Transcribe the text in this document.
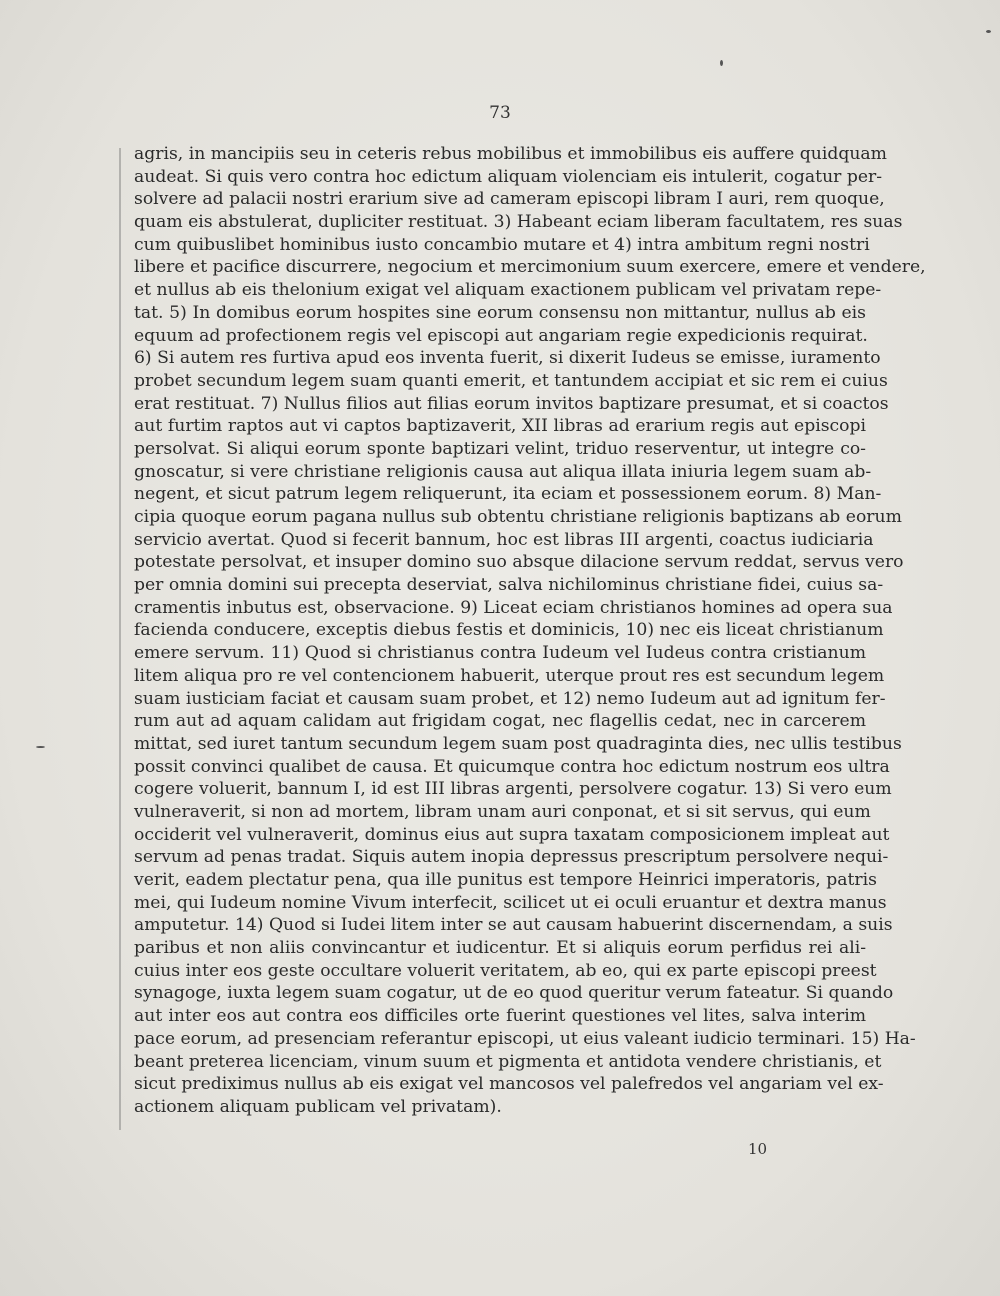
73
agris, in mancipiis seu in ceteris rebus mobilibus et immobilibus eis auffere quidquam
audeat. Si quis vero contra hoc edictum aliquam violenciam eis intulerit, cogatur per-
solvere ad palacii nostri erarium sive ad cameram episcopi libram I auri, rem quoque,
quam eis abstulerat, dupliciter restituat. 3) Habeant eciam liberam facultatem, res suas
cum quibuslibet hominibus iusto concambio mutare et 4) intra ambitum regni nostri
libere et pacifice discurrere, negocium et mercimonium suum exercere, emere et vendere,
et nullus ab eis thelonium exigat vel aliquam exactionem publicam vel privatam repe-
tat. 5) In domibus eorum hospites sine eorum consensu non mittantur, nullus ab eis
equum ad profectionem regis vel episcopi aut angariam regie expedicionis requirat.
6) Si autem res furtiva apud eos inventa fuerit, si dixerit Iudeus se emisse, iuramento
probet secundum legem suam quanti emerit, et tantundem accipiat et sic rem ei cuius
erat restituat. 7) Nullus filios aut filias eorum invitos baptizare presumat, et si coactos
aut furtim raptos aut vi captos baptizaverit, XII libras ad erarium regis aut episcopi
persolvat. Si aliqui eorum sponte baptizari velint, triduo reserventur, ut integre co-
gnoscatur, si vere christiane religionis causa aut aliqua illata iniuria legem suam ab-
negent, et sicut patrum legem reliquerunt, ita eciam et possessionem eorum. 8) Man-
cipia quoque eorum pagana nullus sub obtentu christiane religionis baptizans ab eorum
servicio avertat. Quod si fecerit bannum, hoc est libras III argenti, coactus iudiciaria
potestate persolvat, et insuper domino suo absque dilacione servum reddat, servus vero
per omnia domini sui precepta deserviat, salva nichilominus christiane fidei, cuius sa-
cramentis inbutus est, observacione. 9) Liceat eciam christianos homines ad opera sua
facienda conducere, exceptis diebus festis et dominicis, 10) nec eis liceat christianum
emere servum. 11) Quod si christianus contra Iudeum vel Iudeus contra cristianum
litem aliqua pro re vel contencionem habuerit, uterque prout res est secundum legem
suam iusticiam faciat et causam suam probet, et 12) nemo Iudeum aut ad ignitum fer-
rum aut ad aquam calidam aut frigidam cogat, nec flagellis cedat, nec in carcerem
mittat, sed iuret tantum secundum legem suam post quadraginta dies, nec ullis testibus
possit convinci qualibet de causa. Et quicumque contra hoc edictum nostrum eos ultra
cogere voluerit, bannum I, id est III libras argenti, persolvere cogatur. 13) Si vero eum
vulneraverit, si non ad mortem, libram unam auri conponat, et si sit servus, qui eum
occiderit vel vulneraverit, dominus eius aut supra taxatam composicionem impleat aut
servum ad penas tradat. Siquis autem inopia depressus prescriptum persolvere nequi-
verit, eadem plectatur pena, qua ille punitus est tempore Heinrici imperatoris, patris
mei, qui Iudeum nomine Vivum interfecit, scilicet ut ei oculi eruantur et dextra manus
amputetur. 14) Quod si Iudei litem inter se aut causam habuerint discernendam, a suis
paribus et non aliis convincantur et iudicentur. Et si aliquis eorum perfidus rei ali-
cuius inter eos geste occultare voluerit veritatem, ab eo, qui ex parte episcopi preest
synagoge, iuxta legem suam cogatur, ut de eo quod queritur verum fateatur. Si quando
aut inter eos aut contra eos difficiles orte fuerint questiones vel lites, salva interim
pace eorum, ad presenciam referantur episcopi, ut eius valeant iudicio terminari. 15) Ha-
beant preterea licenciam, vinum suum et pigmenta et antidota vendere christianis, et
sicut prediximus nullus ab eis exigat vel mancosos vel palefredos vel angariam vel ex-
actionem aliquam publicam vel privatam).
10
